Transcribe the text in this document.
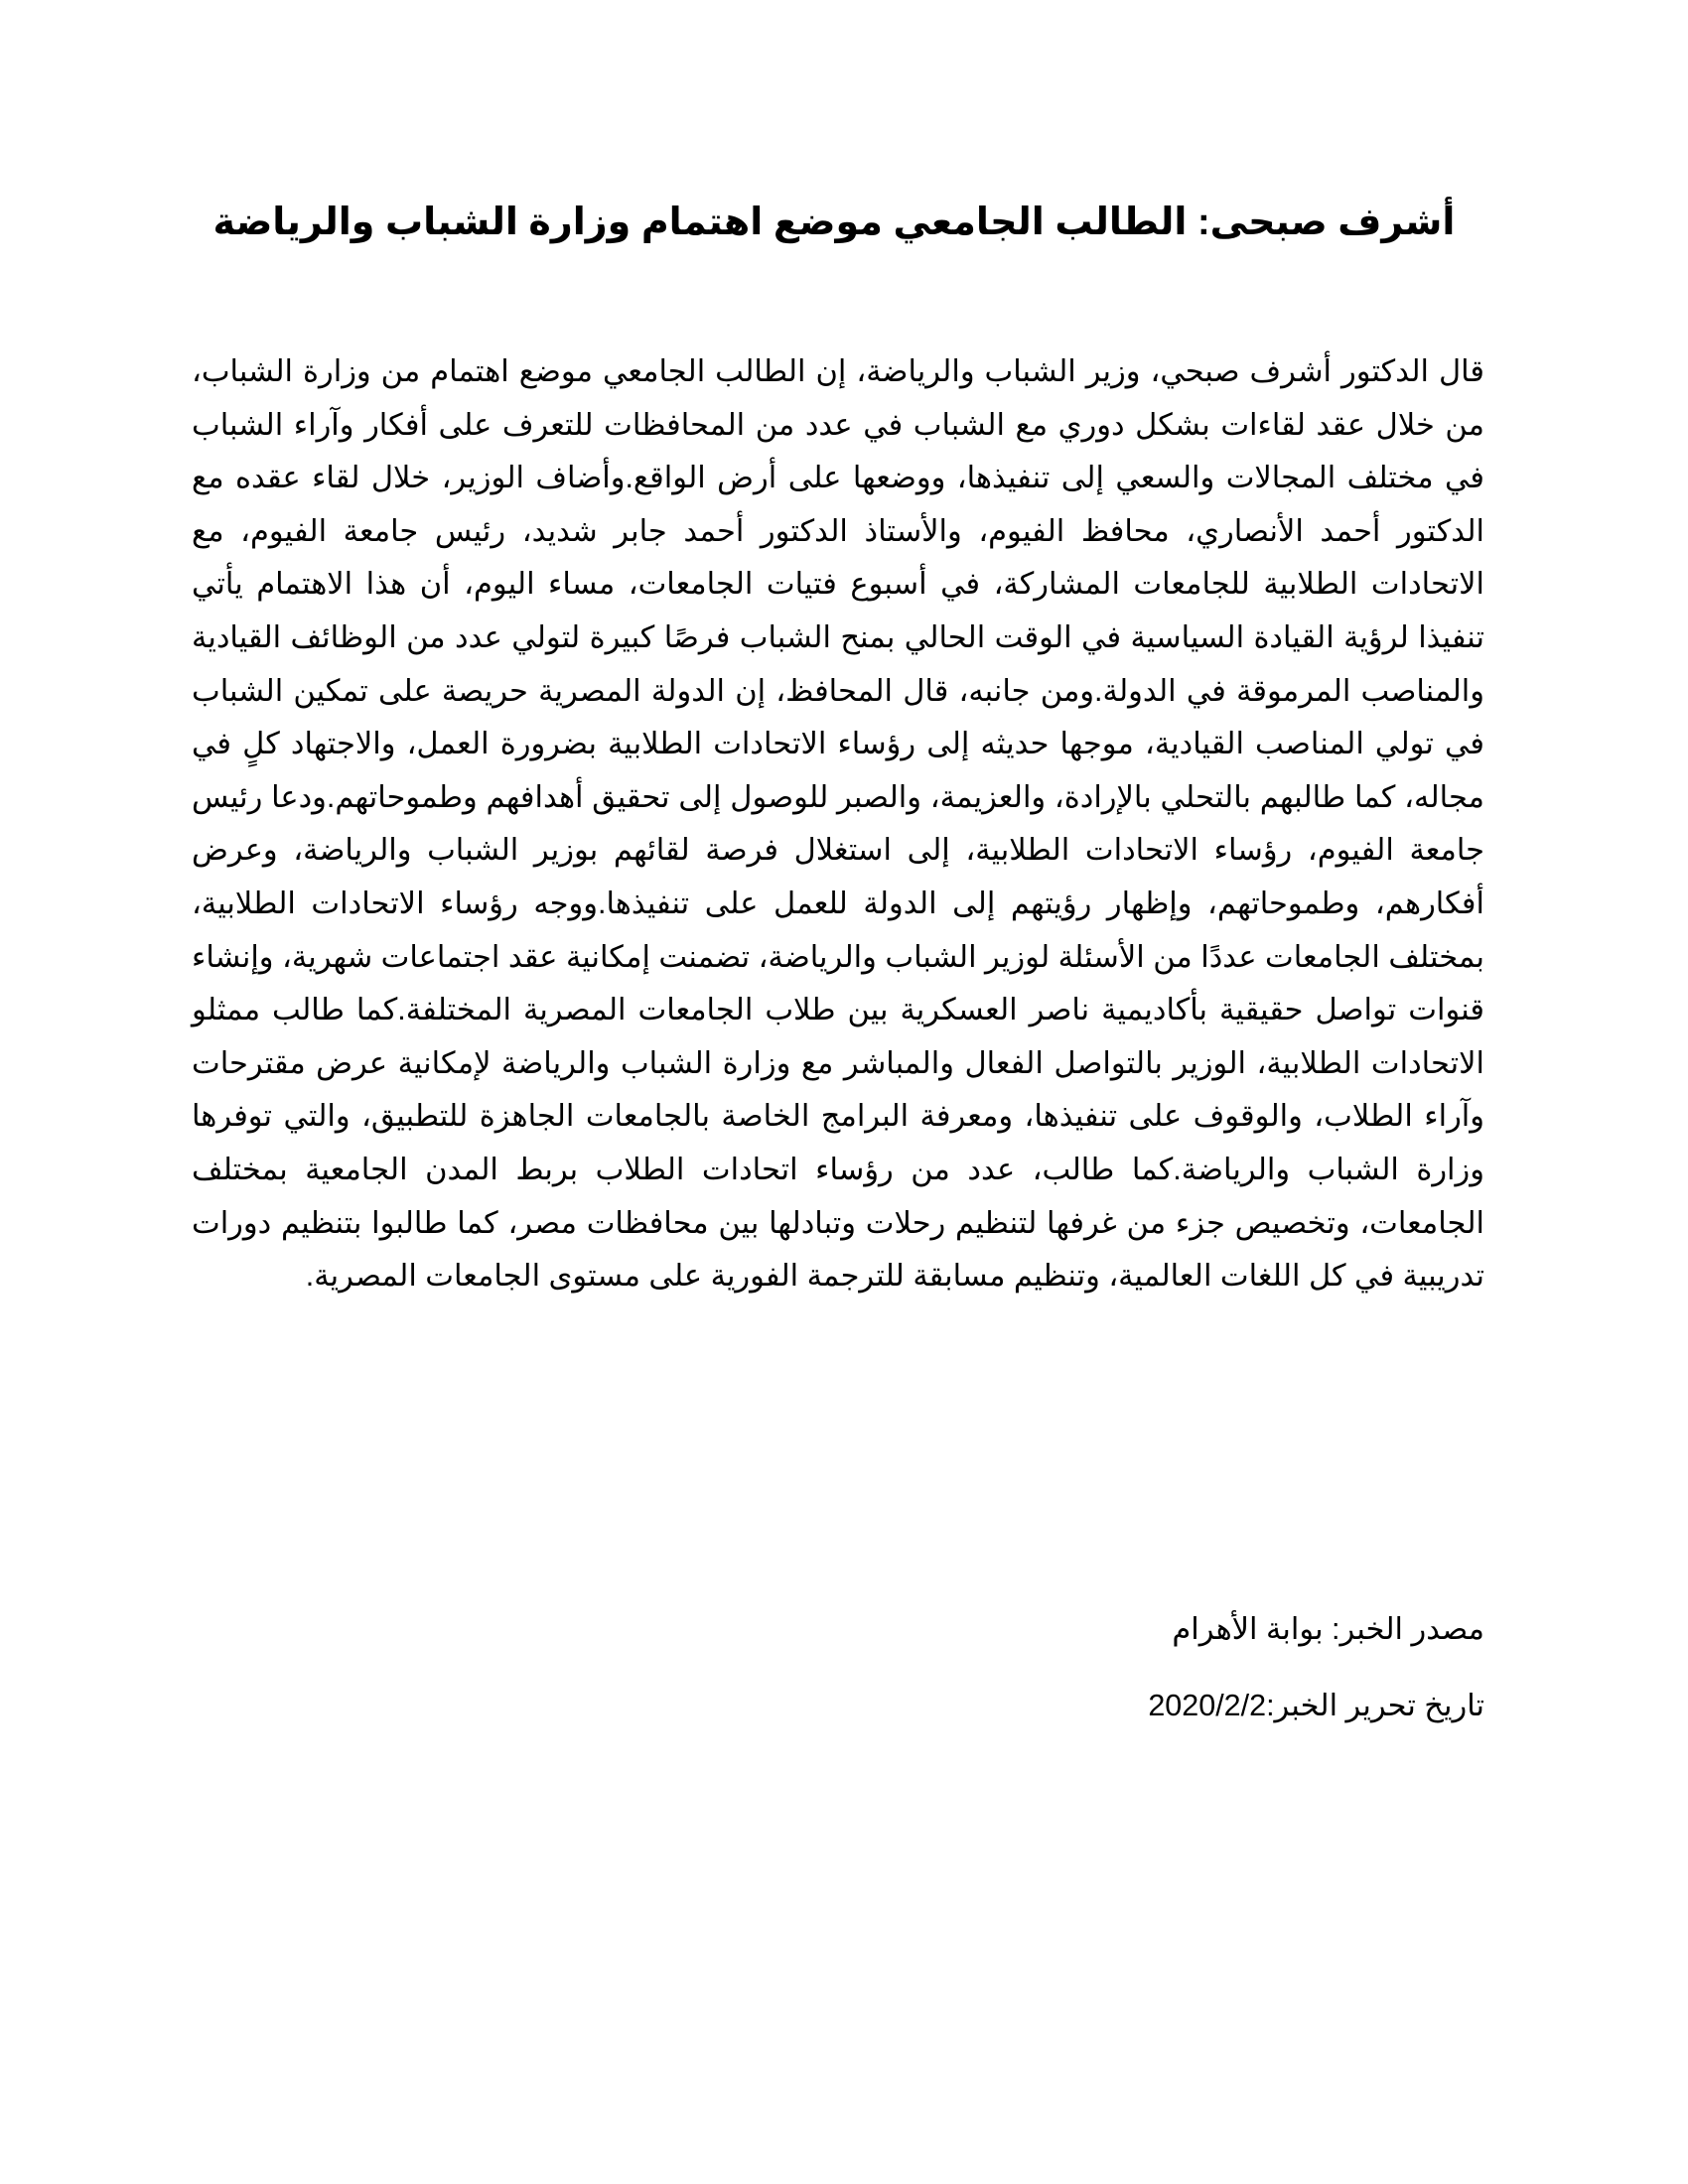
أشرف صبحى: الطالب الجامعي موضع اهتمام وزارة الشباب والرياضة

قال الدكتور أشرف صبحي، وزير الشباب والرياضة، إن الطالب الجامعي موضع اهتمام من وزارة الشباب، من خلال عقد لقاءات بشكل دوري مع الشباب في عدد من المحافظات للتعرف على أفكار وآراء الشباب في مختلف المجالات والسعي إلى تنفيذها، ووضعها على أرض الواقع.وأضاف الوزير، خلال لقاء عقده مع الدكتور أحمد الأنصاري، محافظ الفيوم، والأستاذ الدكتور أحمد جابر شديد، رئيس جامعة الفيوم، مع الاتحادات الطلابية للجامعات المشاركة، في أسبوع فتيات الجامعات، مساء اليوم، أن هذا الاهتمام يأتي تنفيذا لرؤية القيادة السياسية في الوقت الحالي بمنح الشباب فرصًا كبيرة لتولي عدد من الوظائف القيادية والمناصب المرموقة في الدولة.ومن جانبه، قال المحافظ، إن الدولة المصرية حريصة على تمكين الشباب في تولي المناصب القيادية، موجها حديثه إلى رؤساء الاتحادات الطلابية بضرورة العمل، والاجتهاد كلٍ في مجاله، كما طالبهم بالتحلي بالإرادة، والعزيمة، والصبر للوصول إلى تحقيق أهدافهم وطموحاتهم.ودعا رئيس جامعة الفيوم، رؤساء الاتحادات الطلابية، إلى استغلال فرصة لقائهم بوزير الشباب والرياضة، وعرض أفكارهم، وطموحاتهم، وإظهار رؤيتهم إلى الدولة للعمل على تنفيذها.ووجه رؤساء الاتحادات الطلابية، بمختلف الجامعات عددًا من الأسئلة لوزير الشباب والرياضة، تضمنت إمكانية عقد اجتماعات شهرية، وإنشاء قنوات تواصل حقيقية بأكاديمية ناصر العسكرية بين طلاب الجامعات المصرية المختلفة.كما طالب ممثلو الاتحادات الطلابية، الوزير بالتواصل الفعال والمباشر مع وزارة الشباب والرياضة لإمكانية عرض مقترحات وآراء الطلاب، والوقوف على تنفيذها، ومعرفة البرامج الخاصة بالجامعات الجاهزة للتطبيق، والتي توفرها وزارة الشباب والرياضة.كما طالب، عدد من رؤساء اتحادات الطلاب بربط المدن الجامعية بمختلف الجامعات، وتخصيص جزء من غرفها لتنظيم رحلات وتبادلها بين محافظات مصر، كما طالبوا بتنظيم دورات تدريبية في كل اللغات العالمية، وتنظيم مسابقة للترجمة الفورية على مستوى الجامعات المصرية.

مصدر الخبر: بوابة الأهرام

تاريخ تحرير الخبر:2020/2/2
